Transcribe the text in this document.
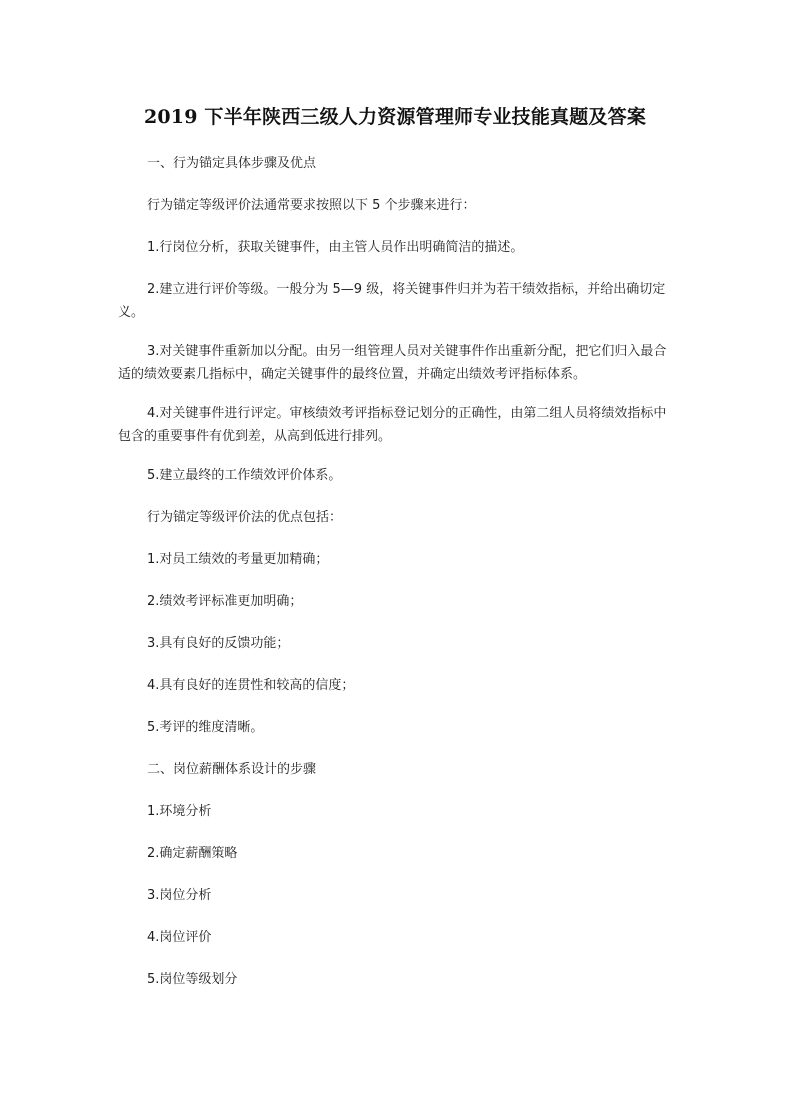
2019 下半年陕西三级人力资源管理师专业技能真题及答案

一、行为锚定具体步骤及优点

行为锚定等级评价法通常要求按照以下 5 个步骤来进行：

1.行岗位分析，获取关键事件，由主管人员作出明确简洁的描述。

2.建立进行评价等级。一般分为 5—9 级，将关键事件归并为若干绩效指标，并给出确切定义。

3.对关键事件重新加以分配。由另一组管理人员对关键事件作出重新分配，把它们归入最合适的绩效要素几指标中，确定关键事件的最终位置，并确定出绩效考评指标体系。

4.对关键事件进行评定。审核绩效考评指标登记划分的正确性，由第二组人员将绩效指标中包含的重要事件有优到差，从高到低进行排列。

5.建立最终的工作绩效评价体系。

行为锚定等级评价法的优点包括：

1.对员工绩效的考量更加精确；

2.绩效考评标准更加明确；

3.具有良好的反馈功能；

4.具有良好的连贯性和较高的信度；

5.考评的维度清晰。

二、岗位薪酬体系设计的步骤

1.环境分析

2.确定薪酬策略

3.岗位分析

4.岗位评价

5.岗位等级划分
